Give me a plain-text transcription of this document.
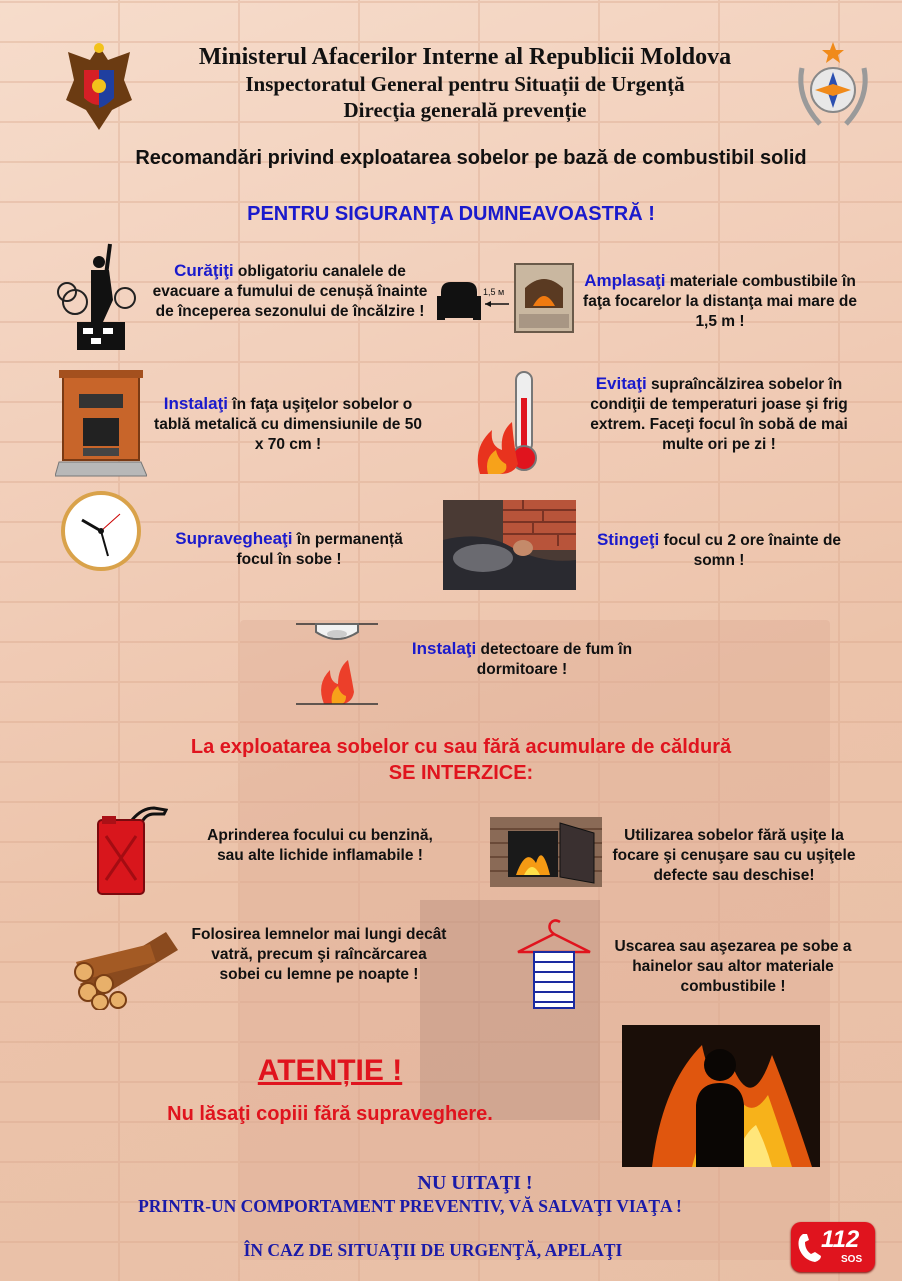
Ministerul Afacerilor Interne al Republicii Moldova
Inspectoratul General pentru Situații de Urgență
Direcţia generală prevenție
Recomandări privind exploatarea sobelor pe bază de combustibil solid
PENTRU SIGURANŢA DUMNEAVOASTRĂ !
Curăţiţi obligatoriu canalele de evacuare a fumului de cenușă înainte de începerea sezonului de încălzire !
1,5 м
Amplasaţi materiale combustibile în faţa focarelor la distanţa mai mare de 1,5 m !
Instalaţi în faţa uşiţelor sobelor o tablă metalică cu dimensiunile de 50 x 70 cm !
Evitaţi supraîncălzirea sobelor în condiţii de temperaturi joase şi frig extrem. Faceţi focul în sobă de mai multe ori pe zi !
Supravegheaţi în permanență focul în sobe !
Stingeţi focul cu 2 ore înainte de somn !
Instalaţi detectoare de fum în dormitoare !
La exploatarea sobelor cu sau fără acumulare de căldură
SE INTERZICE:
Aprinderea focului cu benzină, sau alte lichide inflamabile !
Utilizarea sobelor fără uşiţe la focare şi cenuşare sau cu uşiţele defecte sau deschise!
Folosirea lemnelor mai lungi decât vatră, precum şi raîncărcarea sobei cu lemne pe noapte !
Uscarea sau aşezarea pe sobe a hainelor sau altor materiale combustibile !
ATENȚIE !
Nu lăsaţi copiii fără supraveghere.
NU UITAŢI !
PRINTR-UN COMPORTAMENT PREVENTIV, VĂ SALVAŢI VIAŢA !
ÎN CAZ DE SITUAŢII DE URGENŢĂ, APELAŢI	112
SOS
